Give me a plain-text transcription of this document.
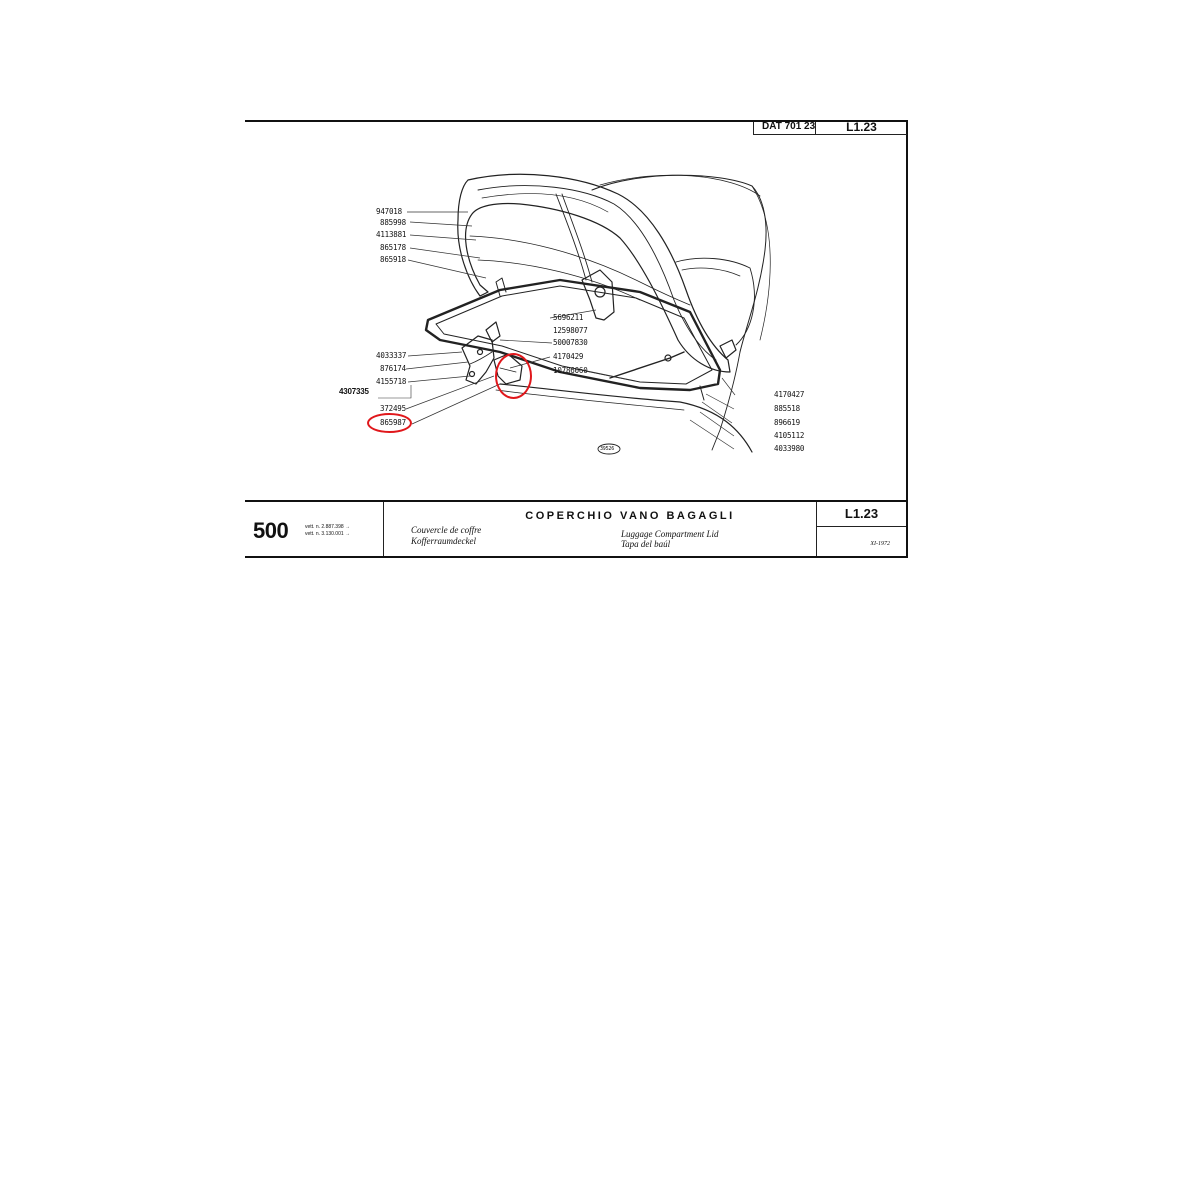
DAT 701 23	L1.23
39526
947018
885998
4113881
865178
865918
4033337
876174
4155718
4307335
372495
865987
5696211
12598077
50007830
4170429
10786060
4170427
885518
896619
4105112
4033980
500	vett. n. 2.887.398 →
vett. n. 3.130.001 →
COPERCHIO VANO BAGAGLI
Couvercle de coffre
Kofferraumdeckel
Luggage Compartment Lid
Tapa del baúl
L1.23
XI-1972
